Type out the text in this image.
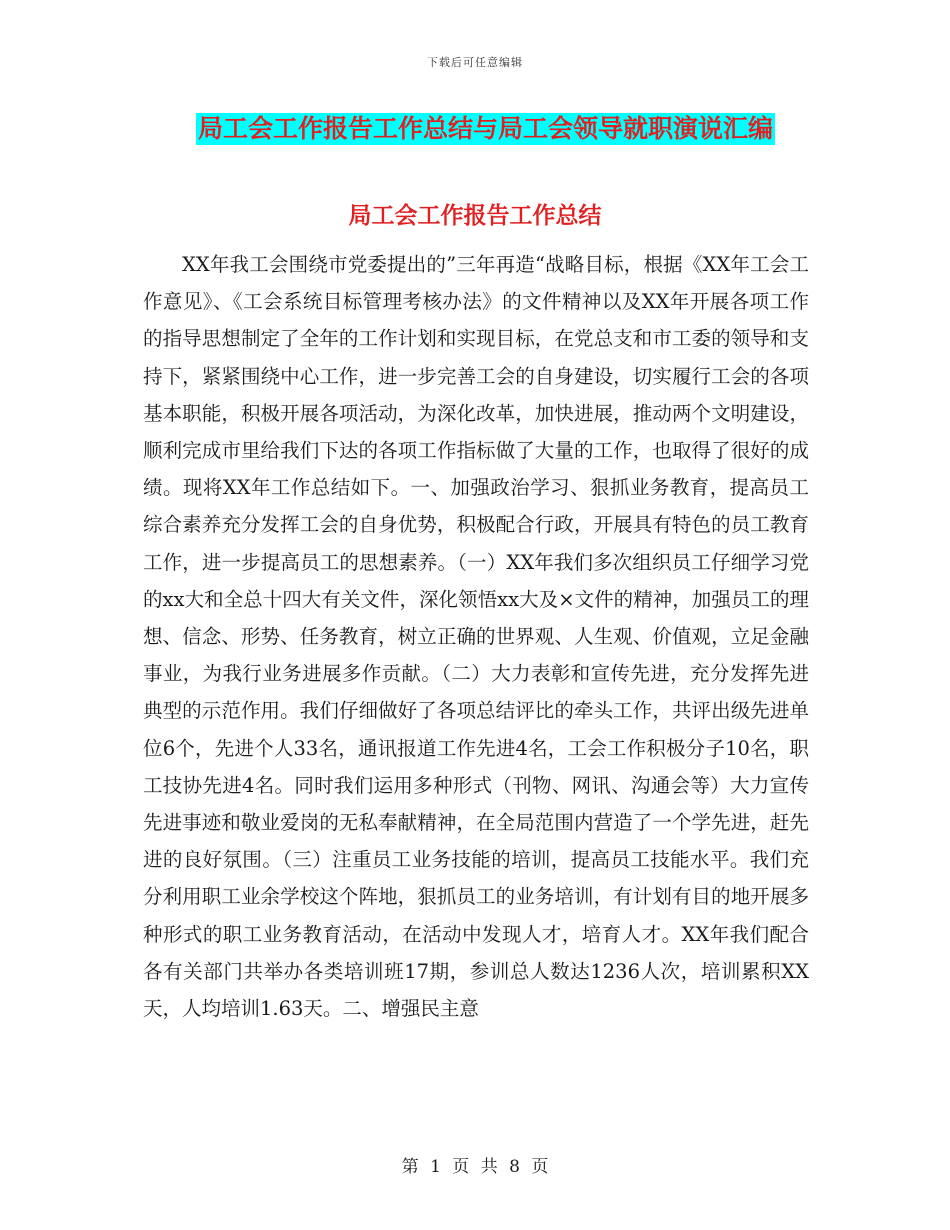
下载后可任意编辑
局工会工作报告工作总结与局工会领导就职演说汇编
局工会工作报告工作总结

XX年我工会围绕市党委提出的”三年再造“战略目标，根据《XX年工会工作意见》、《工会系统目标管理考核办法》的文件精神以及XX年开展各项工作的指导思想制定了全年的工作计划和实现目标，在党总支和市工委的领导和支持下，紧紧围绕中心工作，进一步完善工会的自身建设，切实履行工会的各项基本职能，积极开展各项活动，为深化改革，加快进展，推动两个文明建设，顺利完成市里给我们下达的各项工作指标做了大量的工作，也取得了很好的成绩。现将XX年工作总结如下。一、加强政治学习、狠抓业务教育，提高员工综合素养充分发挥工会的自身优势，积极配合行政，开展具有特色的员工教育工作，进一步提高员工的思想素养。（一）XX年我们多次组织员工仔细学习党的xx大和全总十四大有关文件，深化领悟xx大及×文件的精神，加强员工的理想、信念、形势、任务教育，树立正确的世界观、人生观、价值观，立足金融事业，为我行业务进展多作贡献。（二）大力表彰和宣传先进，充分发挥先进典型的示范作用。我们仔细做好了各项总结评比的牵头工作，共评出级先进单位6个，先进个人33名，通讯报道工作先进4名，工会工作积极分子10名，职工技协先进4名。同时我们运用多种形式（刊物、网讯、沟通会等）大力宣传先进事迹和敬业爱岗的无私奉献精神，在全局范围内营造了一个学先进，赶先进的良好氛围。（三）注重员工业务技能的培训，提高员工技能水平。我们充分利用职工业余学校这个阵地，狠抓员工的业务培训，有计划有目的地开展多种形式的职工业务教育活动，在活动中发现人才，培育人才。XX年我们配合各有关部门共举办各类培训班17期，参训总人数达1236人次，培训累积XX天，人均培训1.63天。二、增强民主意

第 1 页 共 8 页
